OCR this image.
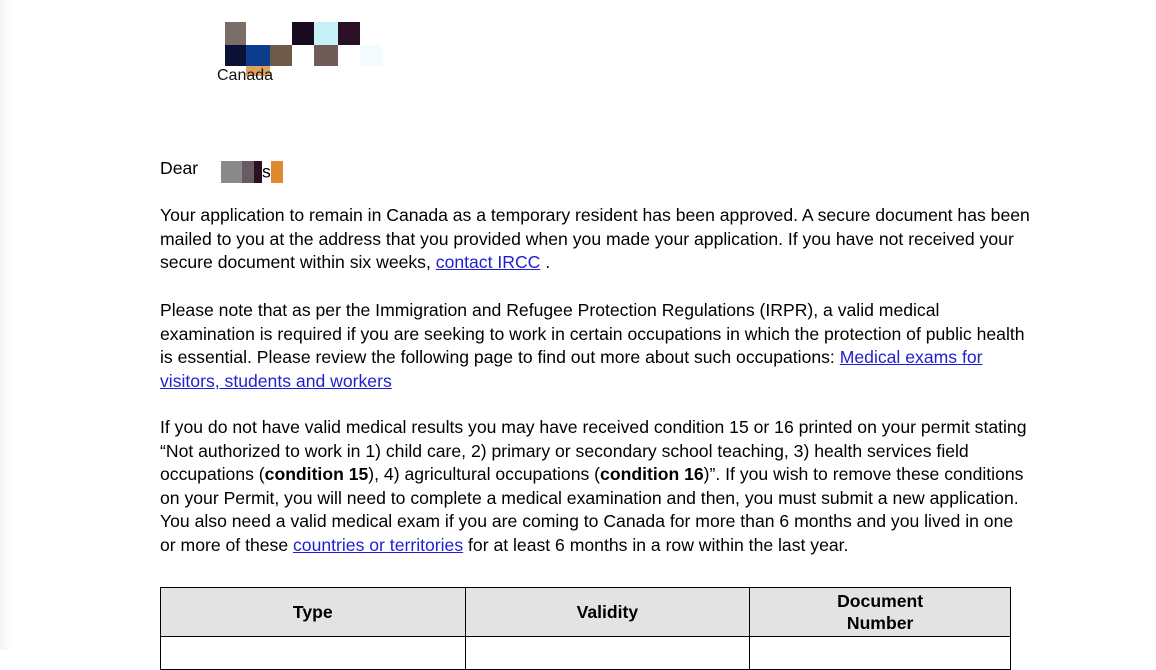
Canada

Dear	s

Your application to remain in Canada as a temporary resident has been approved. A secure document has been mailed to you at the address that you provided when you made your application. If you have not received your secure document within six weeks, contact IRCC .

Please note that as per the Immigration and Refugee Protection Regulations (IRPR), a valid medical examination is required if you are seeking to work in certain occupations in which the protection of public health is essential. Please review the following page to find out more about such occupations: Medical exams for visitors, students and workers

If you do not have valid medical results you may have received condition 15 or 16 printed on your permit stating “Not authorized to work in 1) child care, 2) primary or secondary school teaching, 3) health services field occupations (condition 15), 4) agricultural occupations (condition 16)”. If you wish to remove these conditions on your Permit, you will need to complete a medical examination and then, you must submit a new application. You also need a valid medical exam if you are coming to Canada for more than 6 months and you lived in one or more of these countries or territories for at least 6 months in a row within the last year.

Type	Validity	Document Number
